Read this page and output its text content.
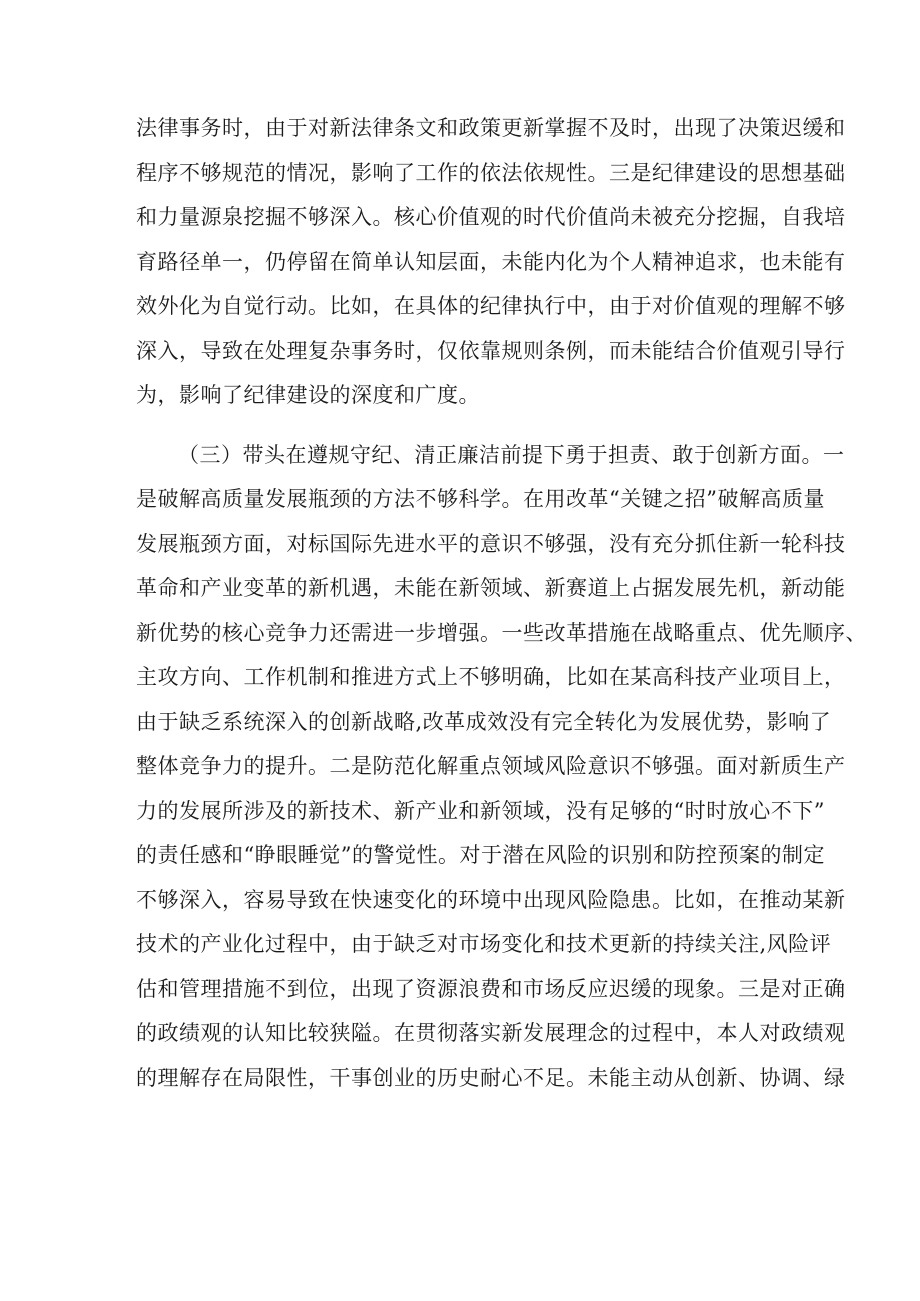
法律事务时，由于对新法律条文和政策更新掌握不及时，出现了决策迟缓和
程序不够规范的情况，影响了工作的依法依规性。三是纪律建设的思想基础
和力量源泉挖掘不够深入。核心价值观的时代价值尚未被充分挖掘，自我培
育路径单一，仍停留在简单认知层面，未能内化为个人精神追求，也未能有
效外化为自觉行动。比如，在具体的纪律执行中，由于对价值观的理解不够
深入，导致在处理复杂事务时，仅依靠规则条例，而未能结合价值观引导行
为，影响了纪律建设的深度和广度。
（三）带头在遵规守纪、清正廉洁前提下勇于担责、敢于创新方面。一
是破解高质量发展瓶颈的方法不够科学。在用改革“关键之招”破解高质量
发展瓶颈方面，对标国际先进水平的意识不够强，没有充分抓住新一轮科技
革命和产业变革的新机遇，未能在新领域、新赛道上占据发展先机，新动能
新优势的核心竞争力还需进一步增强。一些改革措施在战略重点、优先顺序、
主攻方向、工作机制和推进方式上不够明确，比如在某高科技产业项目上，
由于缺乏系统深入的创新战略,改革成效没有完全转化为发展优势，影响了
整体竞争力的提升。二是防范化解重点领域风险意识不够强。面对新质生产
力的发展所涉及的新技术、新产业和新领域，没有足够的“时时放心不下”
的责任感和“睁眼睡觉”的警觉性。对于潜在风险的识别和防控预案的制定
不够深入，容易导致在快速变化的环境中出现风险隐患。比如，在推动某新
技术的产业化过程中，由于缺乏对市场变化和技术更新的持续关注,风险评
估和管理措施不到位，出现了资源浪费和市场反应迟缓的现象。三是对正确
的政绩观的认知比较狭隘。在贯彻落实新发展理念的过程中，本人对政绩观
的理解存在局限性，干事创业的历史耐心不足。未能主动从创新、协调、绿
